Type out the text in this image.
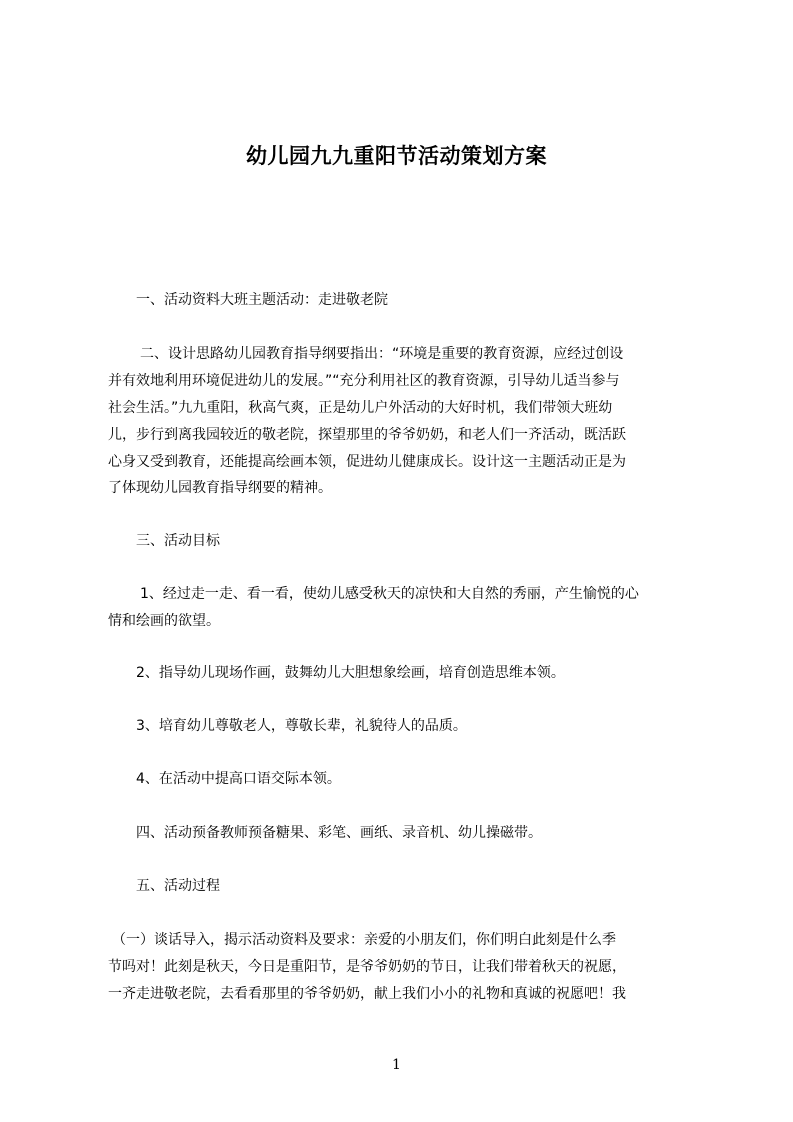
幼儿园九九重阳节活动策划方案

一、活动资料大班主题活动：走进敬老院

二、设计思路幼儿园教育指导纲要指出：“环境是重要的教育资源，应经过创设

并有效地利用环境促进幼儿的发展。”“充分利用社区的教育资源，引导幼儿适当参与

社会生活。”九九重阳，秋高气爽，正是幼儿户外活动的大好时机，我们带领大班幼

儿，步行到离我园较近的敬老院，探望那里的爷爷奶奶，和老人们一齐活动，既活跃

心身又受到教育，还能提高绘画本领，促进幼儿健康成长。设计这一主题活动正是为

了体现幼儿园教育指导纲要的精神。

三、活动目标

1、经过走一走、看一看，使幼儿感受秋天的凉快和大自然的秀丽，产生愉悦的心

情和绘画的欲望。

2、指导幼儿现场作画，鼓舞幼儿大胆想象绘画，培育创造思维本领。

3、培育幼儿尊敬老人，尊敬长辈，礼貌待人的品质。

4、在活动中提高口语交际本领。

四、活动预备教师预备糖果、彩笔、画纸、录音机、幼儿操磁带。

五、活动过程

（一）谈话导入，揭示活动资料及要求：亲爱的小朋友们，你们明白此刻是什么季

节吗对！此刻是秋天，今日是重阳节，是爷爷奶奶的节日，让我们带着秋天的祝愿，

一齐走进敬老院，去看看那里的爷爷奶奶，献上我们小小的礼物和真诚的祝愿吧！我

1
